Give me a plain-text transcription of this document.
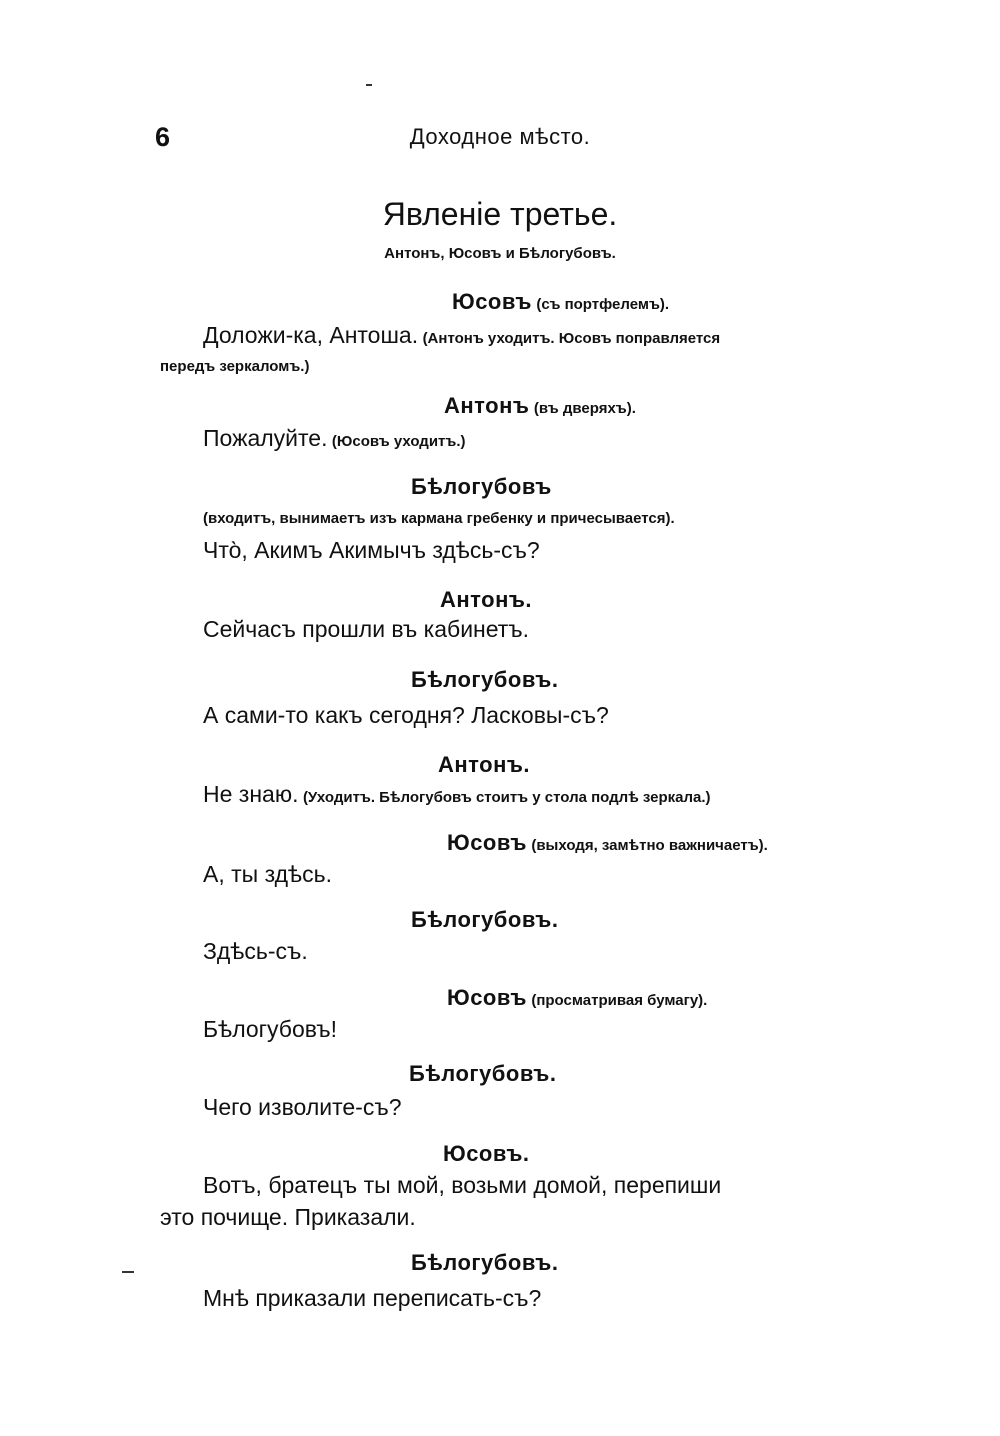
6	Доходное мѣсто.
Явленіе третье.
Антонъ, Юсовъ и Бѣлогубовъ.
Юсовъ (съ портфелемъ).
Доложи-ка, Антоша. (Антонъ уходитъ. Юсовъ поправляется
передъ зеркаломъ.)
Антонъ (въ дверяхъ).
Пожалуйте. (Юсовъ уходитъ.)
Бѣлогубовъ
(входитъ, вынимаетъ изъ кармана гребенку и причесывается).
Что̀, Акимъ Акимычъ здѣсь-съ?
Антонъ.
Сейчасъ прошли въ кабинетъ.
Бѣлогубовъ.
А сами-то какъ сегодня? Ласковы-съ?
Антонъ.
Не знаю. (Уходитъ. Бѣлогубовъ стоитъ у стола подлѣ зеркала.)
Юсовъ (выходя, замѣтно важничаетъ).
А, ты здѣсь.
Бѣлогубовъ.
Здѣсь-съ.
Юсовъ (просматривая бумагу).
Бѣлогубовъ!
Бѣлогубовъ.
Чего изволите-съ?
Юсовъ.
Вотъ, братецъ ты мой, возьми домой, перепиши
это почище. Приказали.
Бѣлогубовъ.
Мнѣ приказали переписать-съ?
